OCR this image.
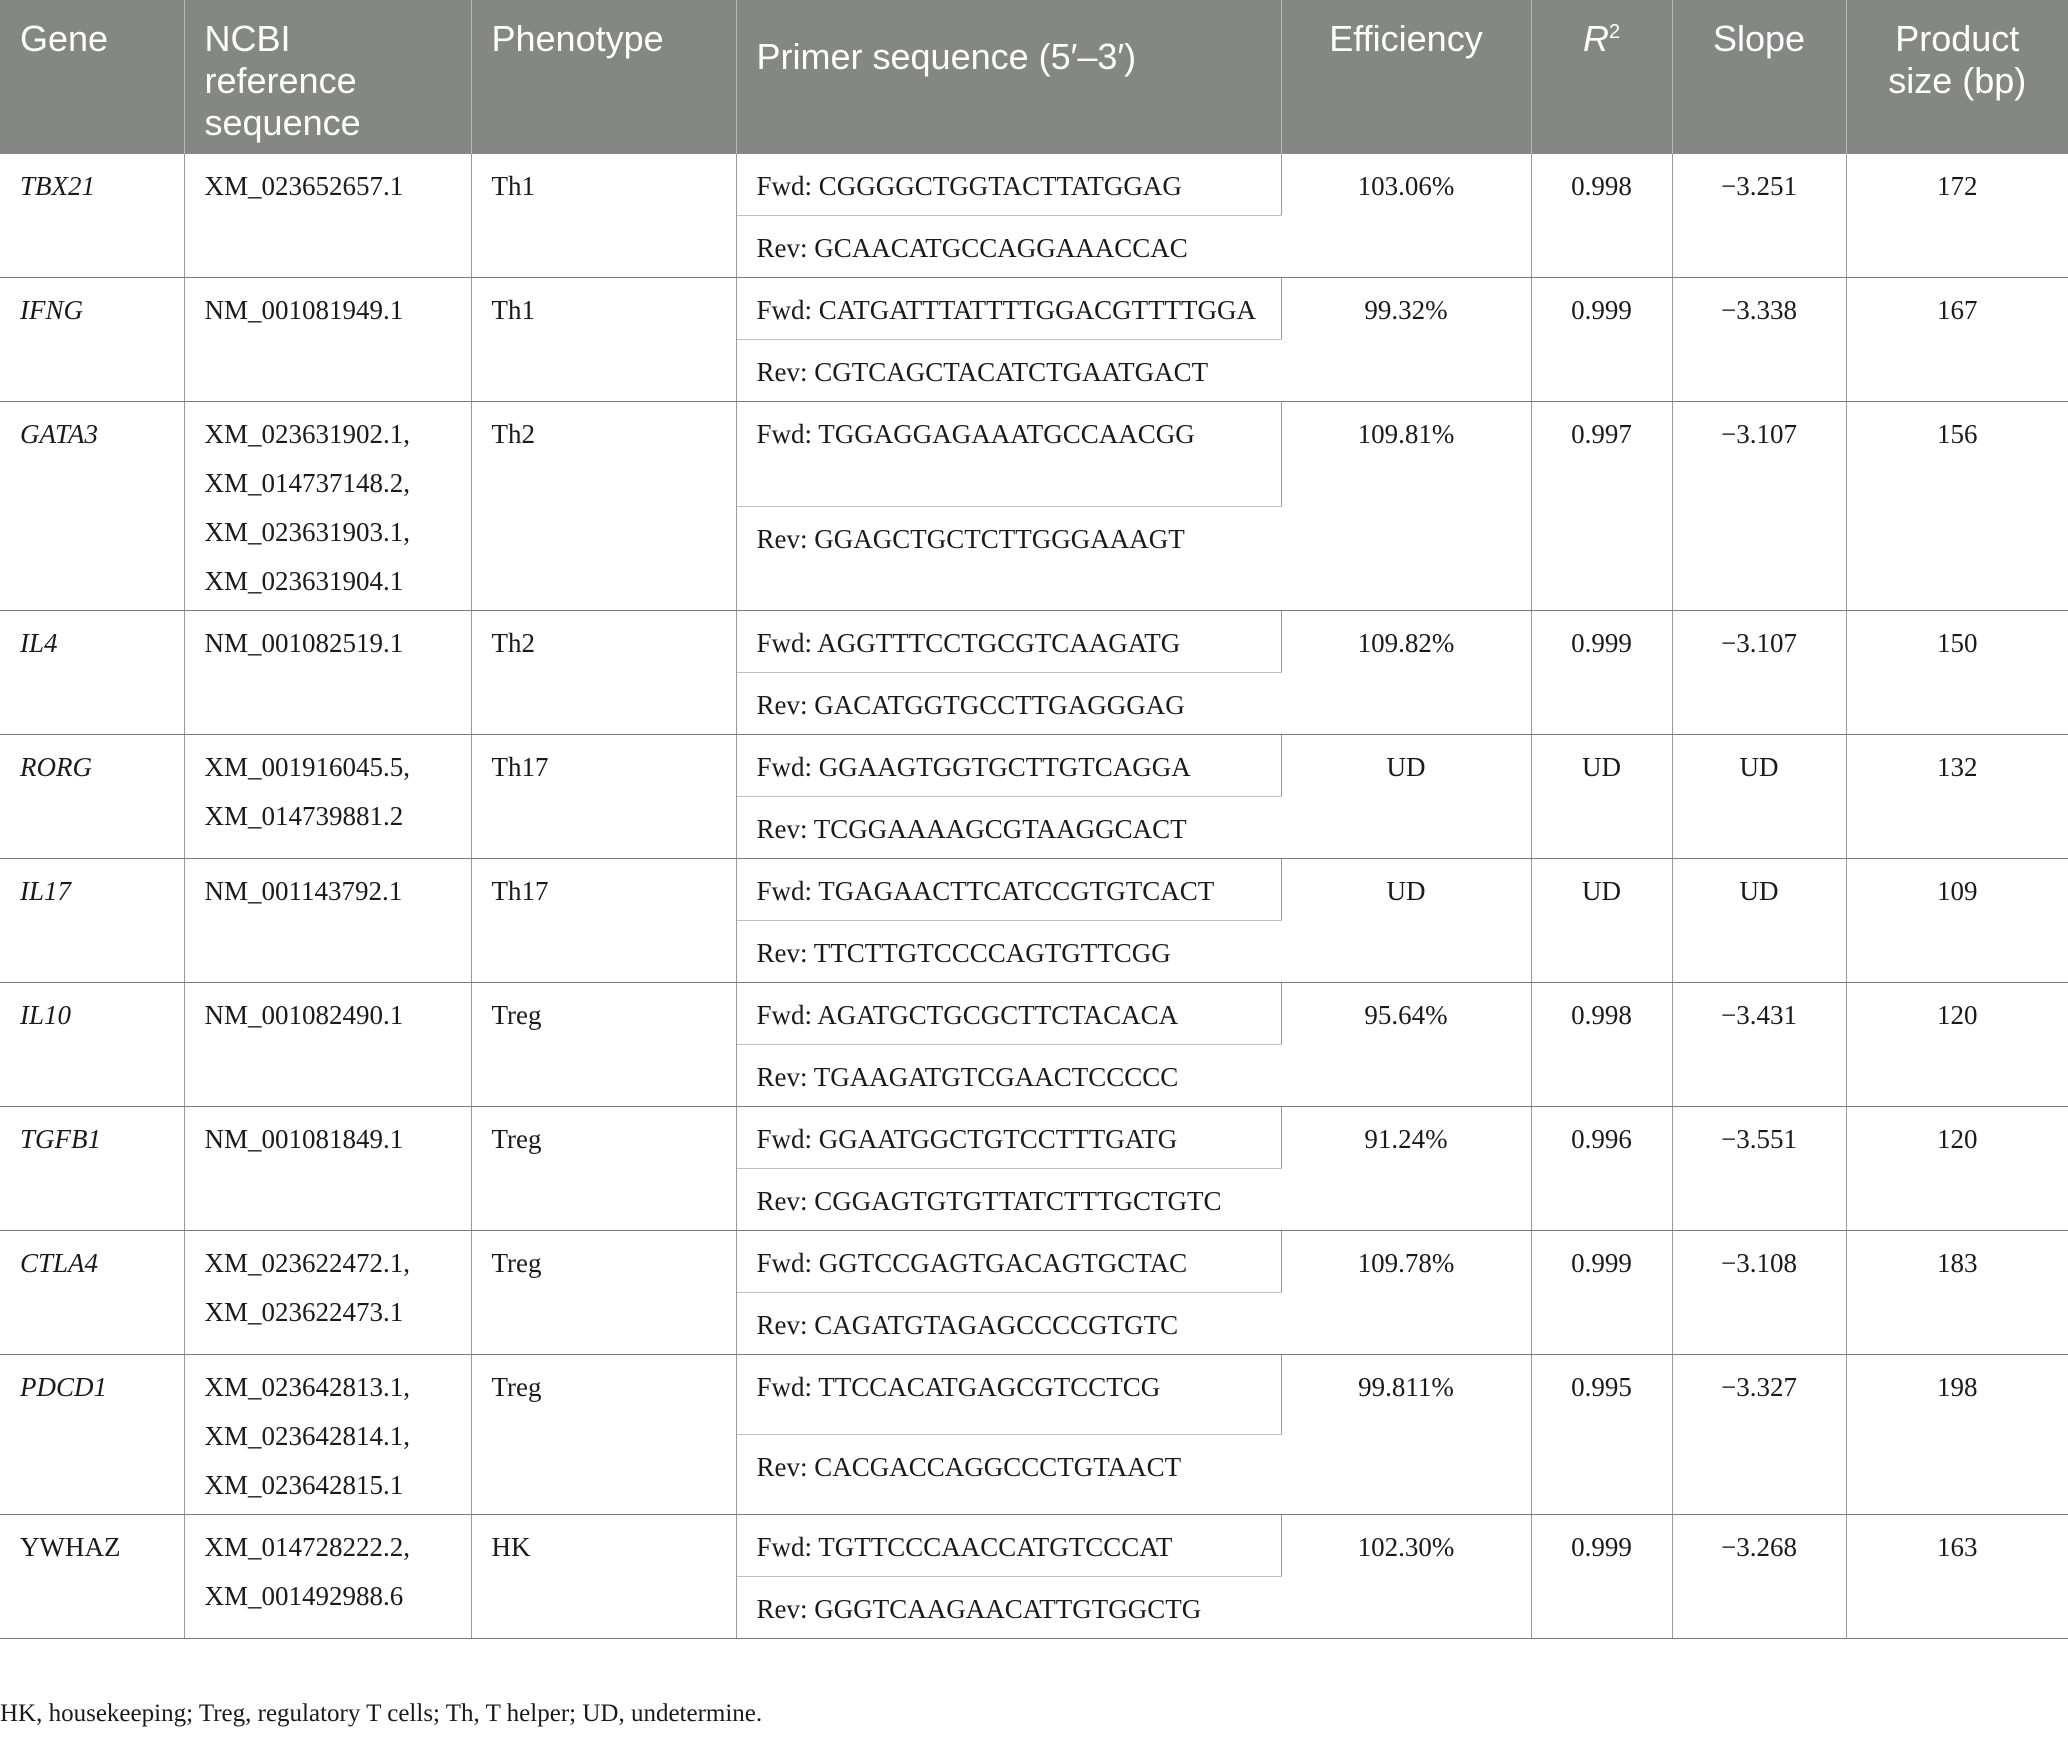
Gene	NCBI reference sequence	Phenotype	Primer sequence (5′–3′)	Efficiency	$R^2$	Slope	Product size (bp)
TBX21	XM_023652657.1	Th1	Fwd: CGGGGCTGGTACTTATGGAG	103.06%	0.998	−3.251	172
			Rev: GCAACATGCCAGGAAACCAC				
IFNG	NM_001081949.1	Th1	Fwd: CATGATTTATTTTGGACGTTTTGGA	99.32%	0.999	−3.338	167
			Rev: CGTCAGCTACATCTGAATGACT				
GATA3	XM_023631902.1,
XM_014737148.2,
XM_023631903.1,
XM_023631904.1	Th2	Fwd: TGGAGGAGAAATGCCAACGG	109.81%	0.997	−3.107	156
			Rev: GGAGCTGCTCTTGGGAAAGT				
IL4	NM_001082519.1	Th2	Fwd: AGGTTTCCTGCGTCAAGATG	109.82%	0.999	−3.107	150
			Rev: GACATGGTGCCTTGAGGGAG				
RORG	XM_001916045.5,
XM_014739881.2	Th17	Fwd: GGAAGTGGTGCTTGTCAGGA	UD	UD	UD	132
			Rev: TCGGAAAAGCGTAAGGCACT				
IL17	NM_001143792.1	Th17	Fwd: TGAGAACTTCATCCGTGTCACT	UD	UD	UD	109
			Rev: TTCTTGTCCCCAGTGTTCGG				
IL10	NM_001082490.1	Treg	Fwd: AGATGCTGCGCTTCTACACA	95.64%	0.998	−3.431	120
			Rev: TGAAGATGTCGAACTCCCCC				
TGFB1	NM_001081849.1	Treg	Fwd: GGAATGGCTGTCCTTTGATG	91.24%	0.996	−3.551	120
			Rev: CGGAGTGTGTTATCTTTGCTGTC				
CTLA4	XM_023622472.1,
XM_023622473.1	Treg	Fwd: GGTCCGAGTGACAGTGCTAC	109.78%	0.999	−3.108	183
			Rev: CAGATGTAGAGCCCCGTGTC				
PDCD1	XM_023642813.1,
XM_023642814.1,
XM_023642815.1	Treg	Fwd: TTCCACATGAGCGTCCTCG	99.811%	0.995	−3.327	198
			Rev: CACGACCAGGCCCTGTAACT				
YWHAZ	XM_014728222.2,
XM_001492988.6	HK	Fwd: TGTTCCCAACCATGTCCCAT	102.30%	0.999	−3.268	163
			Rev: GGGTCAAGAACATTGTGGCTG				
HK, housekeeping; Treg, regulatory T cells; Th, T helper; UD, undetermine.
